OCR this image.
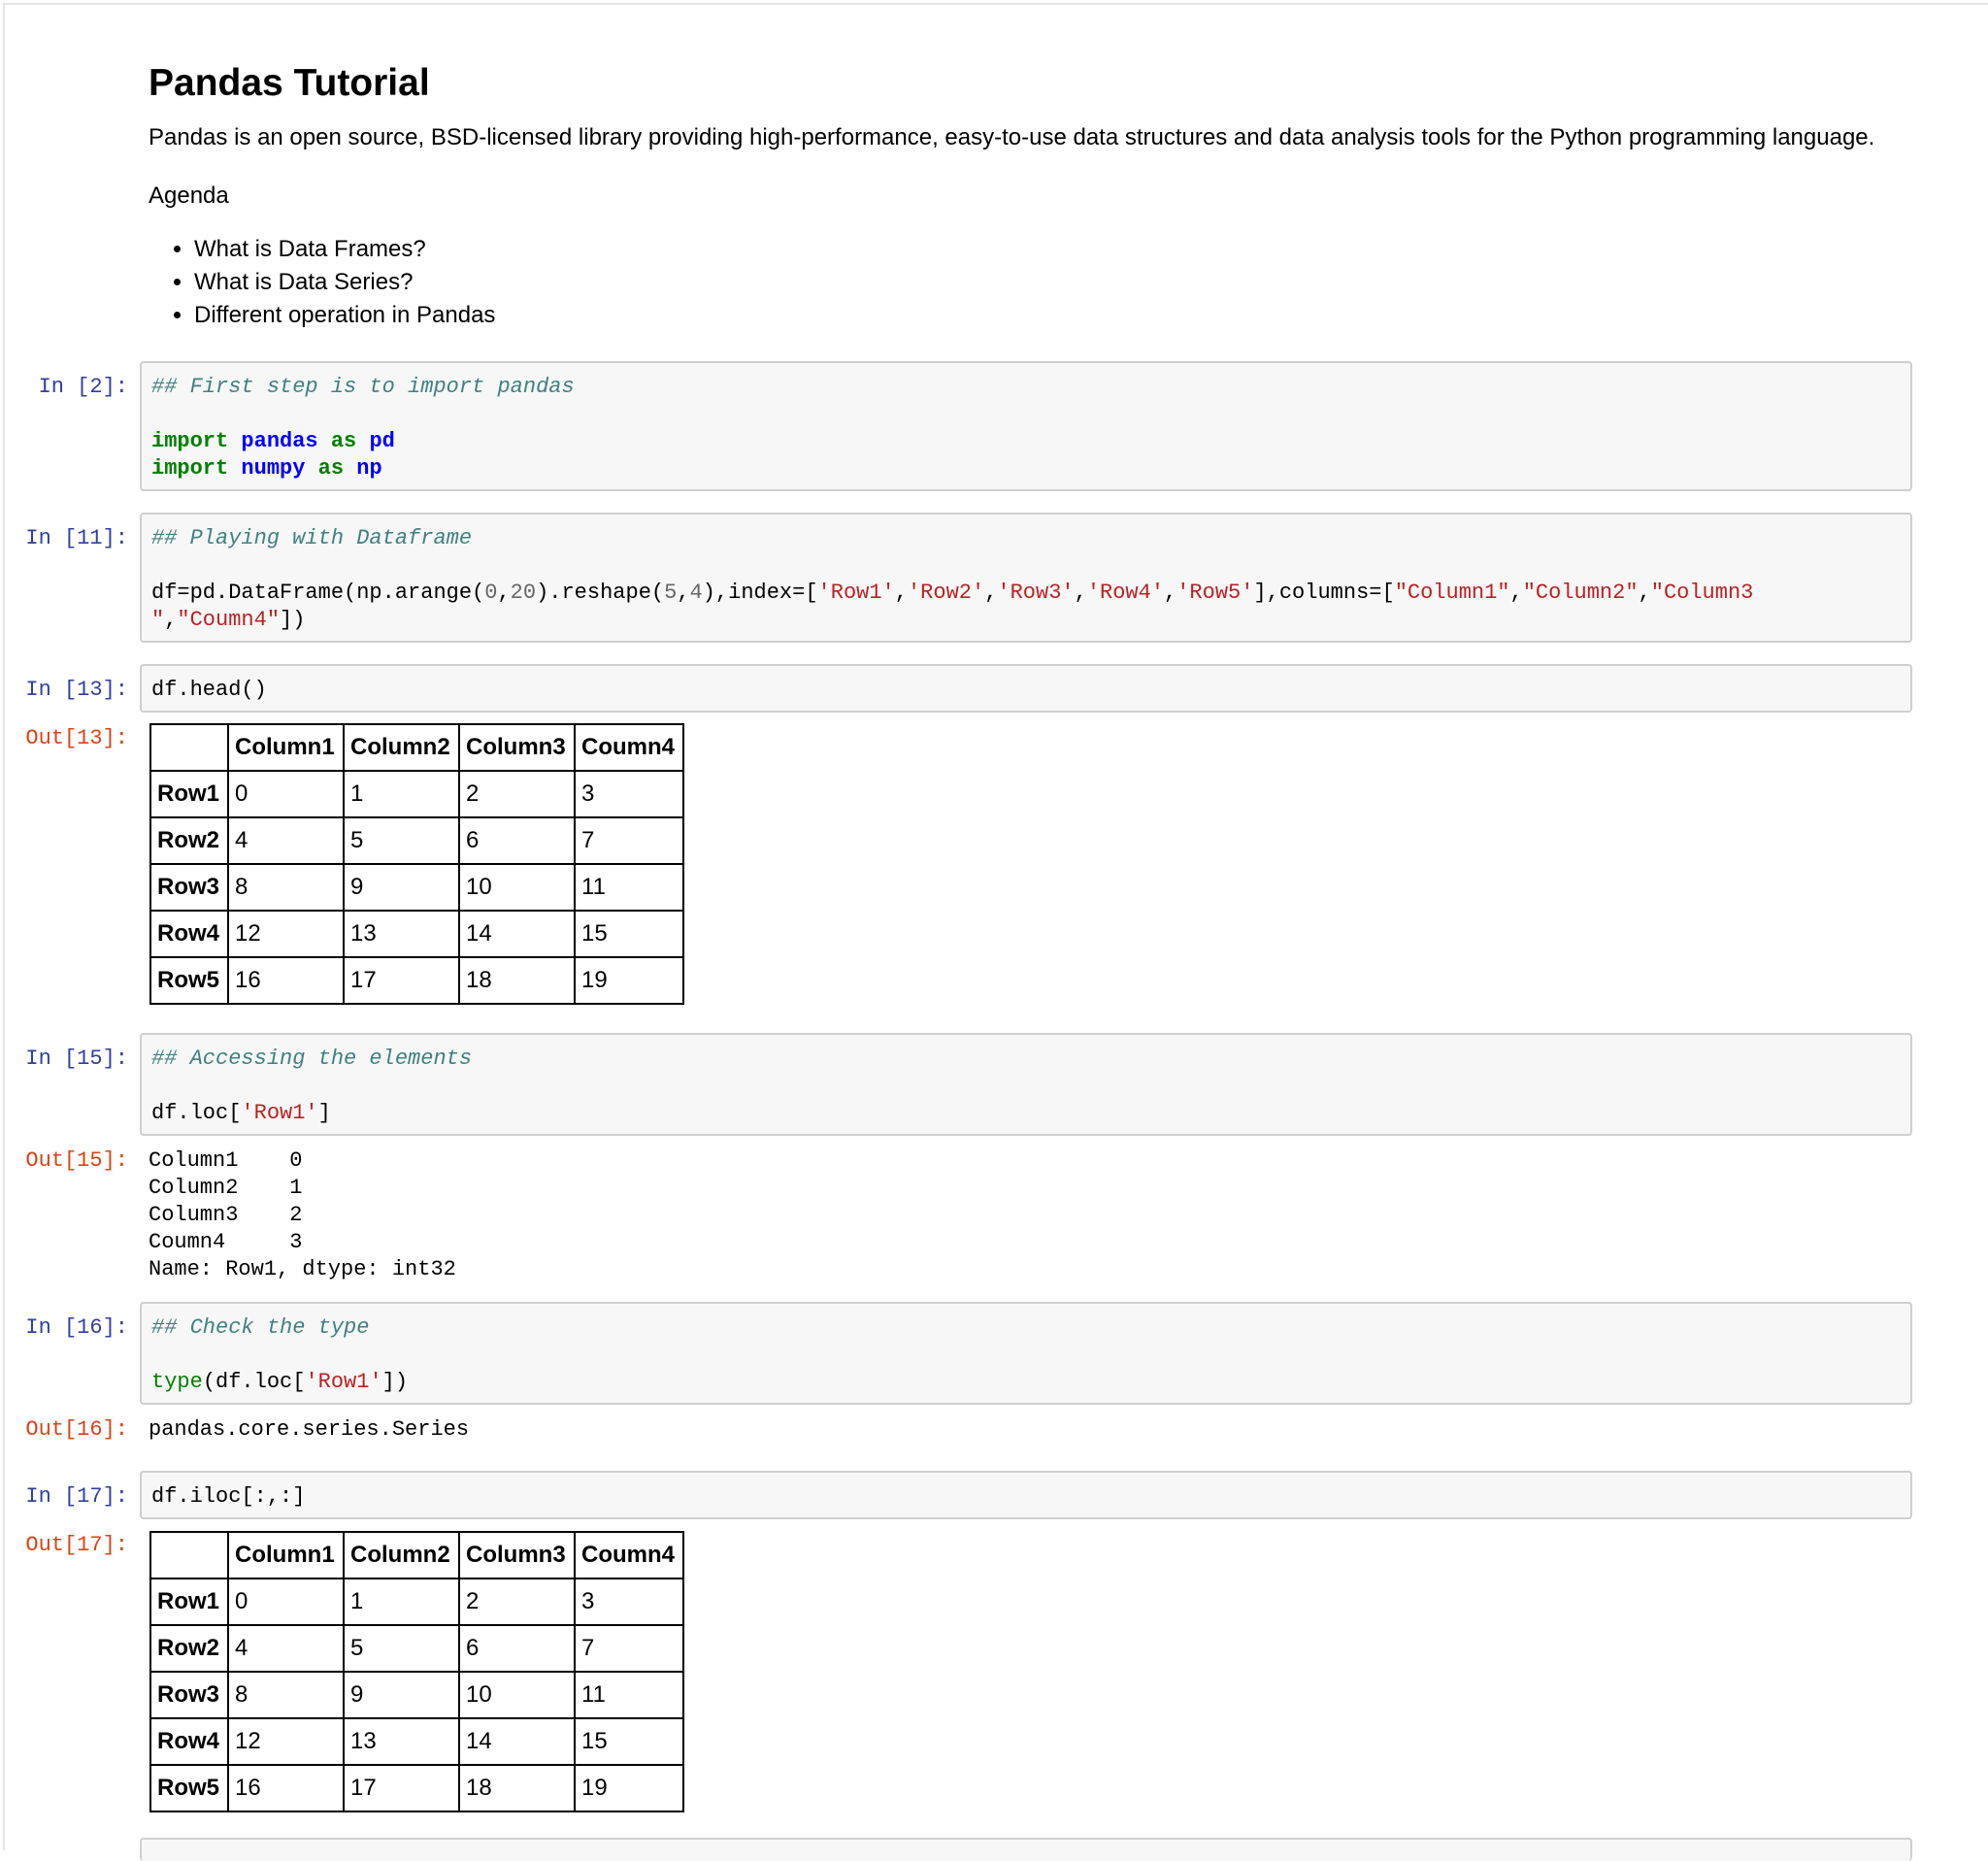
Pandas Tutorial

Pandas is an open source, BSD-licensed library providing high-performance, easy-to-use data structures and data analysis tools for the Python programming language.

Agenda

• What is Data Frames?
• What is Data Series?
• Different operation in Pandas
In [2]: ## First step is to import pandas
import pandas as pd
import numpy as np
In [11]: ## Playing with Dataframe
df=pd.DataFrame(np.arange(0,20).reshape(5,4),index=['Row1','Row2','Row3','Row4','Row5'],columns=["Column1","Column2","Column3
","Coumn4"])
In [13]: df.head()
Out[13]:
		Column1	Column2	Column3	Coumn4
Row1	0	1	2	3
Row2	4	5	6	7
Row3	8	9	10	11
Row4	12	13	14	15
Row5	16	17	18	19
In [15]: ## Accessing the elements
df.loc['Row1']
Out[15]: Column1    0
Column2    1
Column3    2
Coumn4     3
Name: Row1, dtype: int32
In [16]: ## Check the type
type(df.loc['Row1'])
Out[16]: pandas.core.series.Series
In [17]: df.iloc[:,:]
Out[17]:
		Column1	Column2	Column3	Coumn4
Row1	0	1	2	3
Row2	4	5	6	7
Row3	8	9	10	11
Row4	12	13	14	15
Row5	16	17	18	19
